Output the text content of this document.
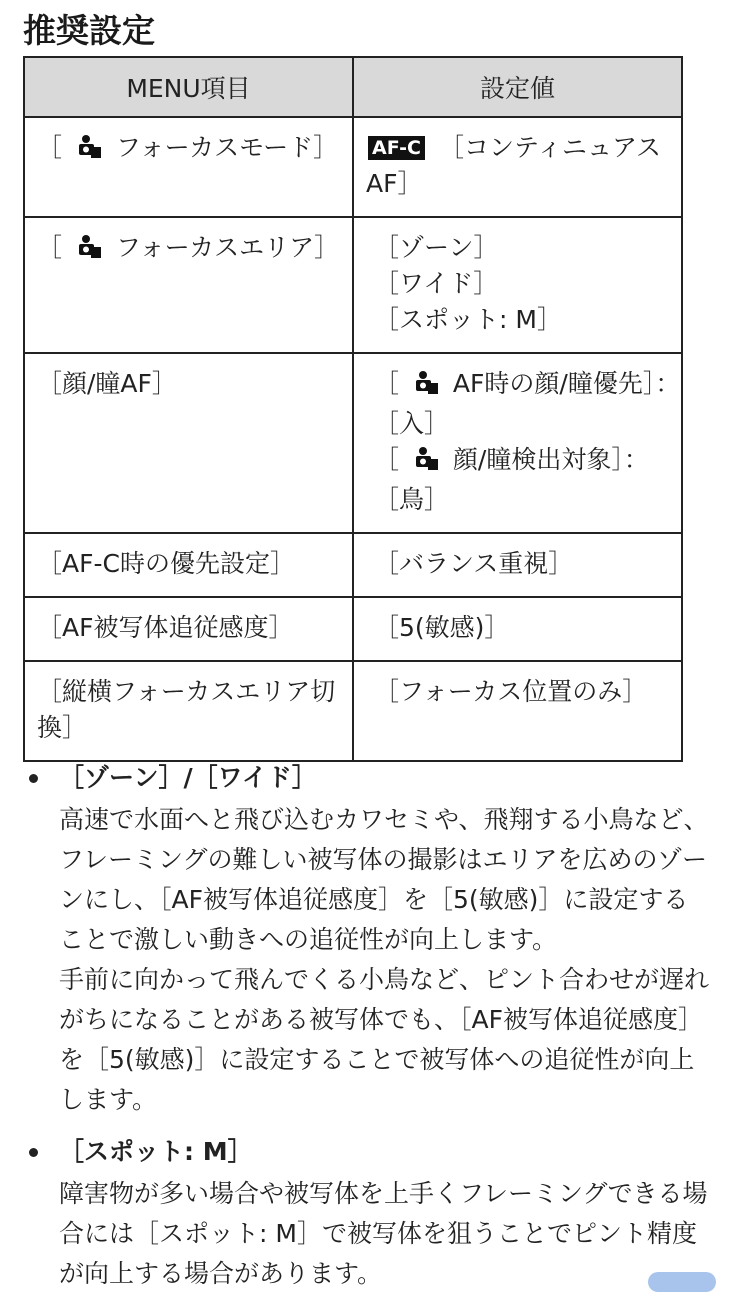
推奨設定
MENU項目	設定値

［  フォーカスモード］	AF-C ［コンティニュアスAF］

［  フォーカスエリア］	［ゾーン］
［ワイド］
［スポット: M］

［顔/瞳AF］	［  AF時の顔/瞳優先］：
［入］
［  顔/瞳検出対象］：
［鳥］

［AF-C時の優先設定］	［バランス重視］

［AF被写体追従感度］	［5(敏感)］

［縦横フォーカスエリア切換］	［フォーカス位置のみ］
［ゾーン］/［ワイド］
高速で水面へと飛び込むカワセミや、飛翔する小鳥など、フレーミングの難しい被写体の撮影はエリアを広めのゾーンにし、［AF被写体追従感度］を［5(敏感)］に設定することで激しい動きへの追従性が向上します。
手前に向かって飛んでくる小鳥など、ピント合わせが遅れがちになることがある被写体でも、［AF被写体追従感度］を［5(敏感)］に設定することで被写体への追従性が向上します。
［スポット: M］
障害物が多い場合や被写体を上手くフレーミングできる場合には［スポット: M］で被写体を狙うことでピント精度が向上する場合があります。
